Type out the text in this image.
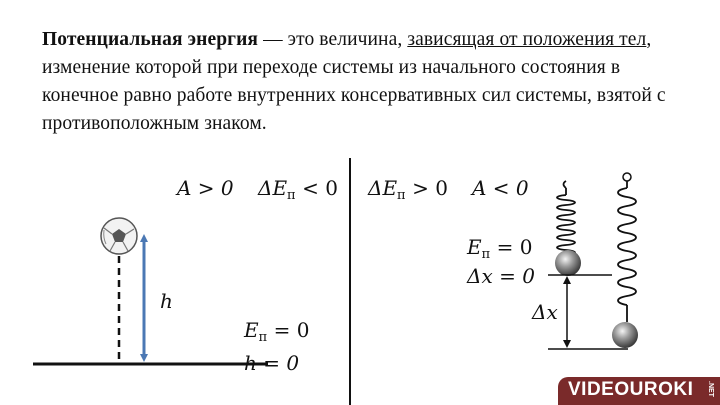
Потенциальная энергия — это величина, зависящая от положения тел, изменение которой при переходе системы из начального состояния в конечное равно работе внутренних консервативных сил системы, взятой с противоположным знаком.
A > 0 $\Delta E_п < 0$
h
$E_п = 0$
h = 0
$\Delta E_п > 0$ A < 0
$E_п = 0$
Δx = 0
Δx
VIDEOUROKI .NET
